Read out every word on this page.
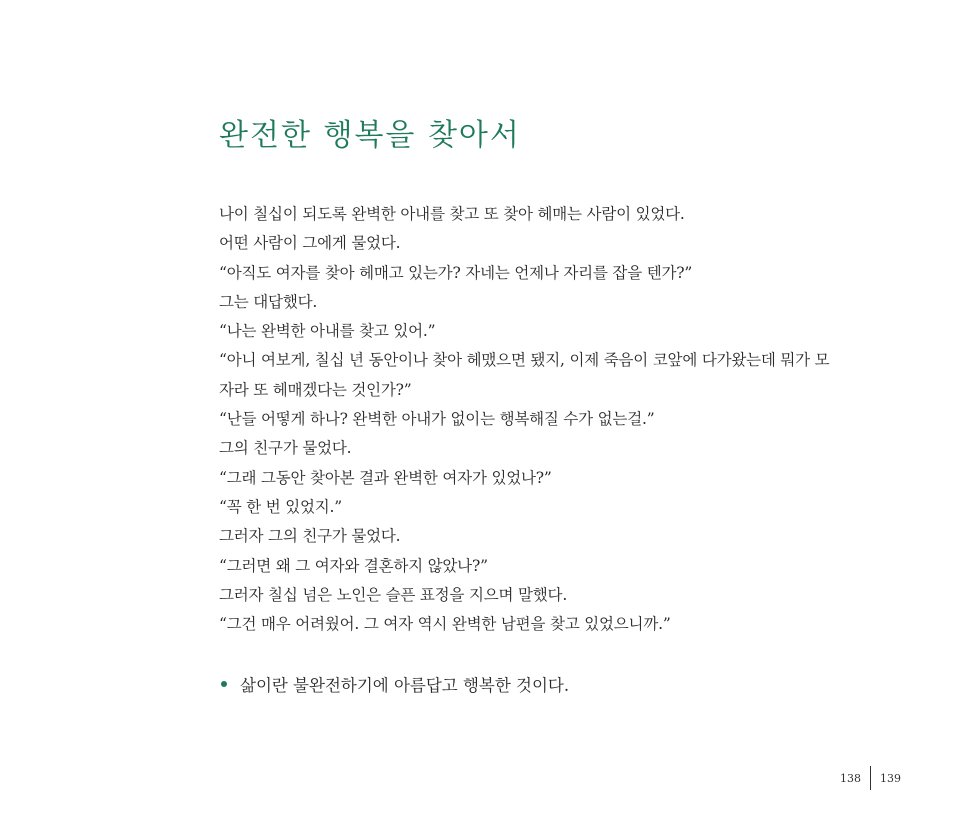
완전한 행복을 찾아서
나이 칠십이 되도록 완벽한 아내를 찾고 또 찾아 헤매는 사람이 있었다.
어떤 사람이 그에게 물었다.
“아직도 여자를 찾아 헤매고 있는가? 자네는 언제나 자리를 잡을 텐가?”
그는 대답했다.
“나는 완벽한 아내를 찾고 있어.”
“아니 여보게, 칠십 년 동안이나 찾아 헤맸으면 됐지, 이제 죽음이 코앞에 다가왔는데 뭐가 모
자라 또 헤매겠다는 것인가?”
“난들 어떻게 하나? 완벽한 아내가 없이는 행복해질 수가 없는걸.”
그의 친구가 물었다.
“그래 그동안 찾아본 결과 완벽한 여자가 있었나?”
“꼭 한 번 있었지.”
그러자 그의 친구가 물었다.
“그러면 왜 그 여자와 결혼하지 않았나?”
그러자 칠십 넘은 노인은 슬픈 표정을 지으며 말했다.
“그건 매우 어려웠어. 그 여자 역시 완벽한 남편을 찾고 있었으니까.”
삶이란 불완전하기에 아름답고 행복한 것이다.
138 139
